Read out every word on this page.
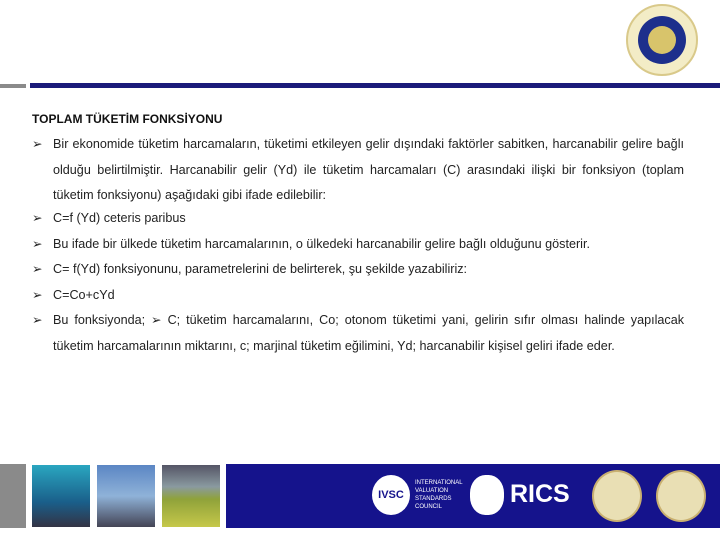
TOPLAM TÜKETİM FONKSİYONU
➢ Bir ekonomide tüketim harcamaların, tüketimi etkileyen gelir dışındaki faktörler sabitken, harcanabilir gelire bağlı olduğu belirtilmiştir. Harcanabilir gelir (Yd) ile tüketim harcamaları (C) arasındaki ilişki bir fonksiyon (toplam tüketim fonksiyonu) aşağıdaki gibi ifade edilebilir:
➢ C=f (Yd) ceteris paribus
➢ Bu ifade bir ülkede tüketim harcamalarının, o ülkedeki harcanabilir gelire bağlı olduğunu gösterir.
➢ C= f(Yd) fonksiyonunu, parametrelerini de belirterek, şu şekilde yazabiliriz:
➢ C=Co+cYd
➢ Bu fonksiyonda; ➢ C; tüketim harcamalarını, Co; otonom tüketimi yani, gelirin sıfır olması halinde yapılacak tüketim harcamalarının miktarını, c; marjinal tüketim eğilimini, Yd; harcanabilir kişisel geliri ifade eder.
IVSC
INTERNATIONAL VALUATION STANDARDS COUNCIL	RICS
